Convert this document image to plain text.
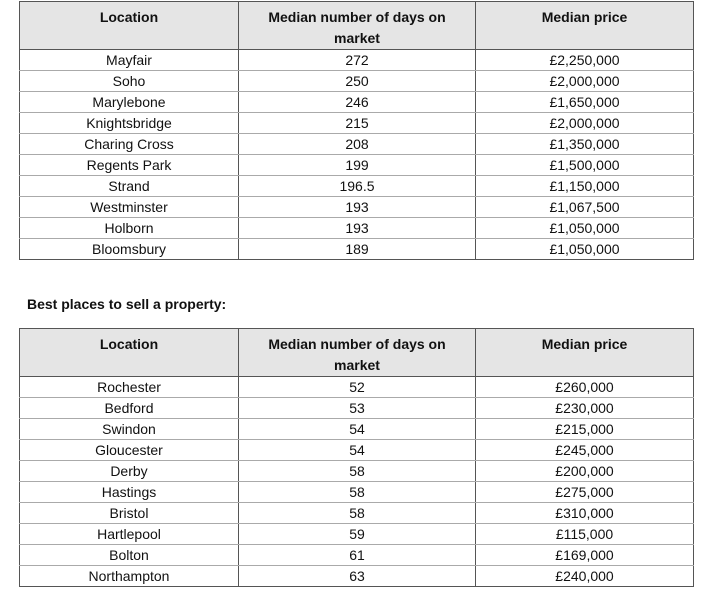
Location	Median number of days on market	Median price
Mayfair	272	£2,250,000
Soho	250	£2,000,000
Marylebone	246	£1,650,000
Knightsbridge	215	£2,000,000
Charing Cross	208	£1,350,000
Regents Park	199	£1,500,000
Strand	196.5	£1,150,000
Westminster	193	£1,067,500
Holborn	193	£1,050,000
Bloomsbury	189	£1,050,000

Best places to sell a property:

Location	Median number of days on market	Median price
Rochester	52	£260,000
Bedford	53	£230,000
Swindon	54	£215,000
Gloucester	54	£245,000
Derby	58	£200,000
Hastings	58	£275,000
Bristol	58	£310,000
Hartlepool	59	£115,000
Bolton	61	£169,000
Northampton	63	£240,000
